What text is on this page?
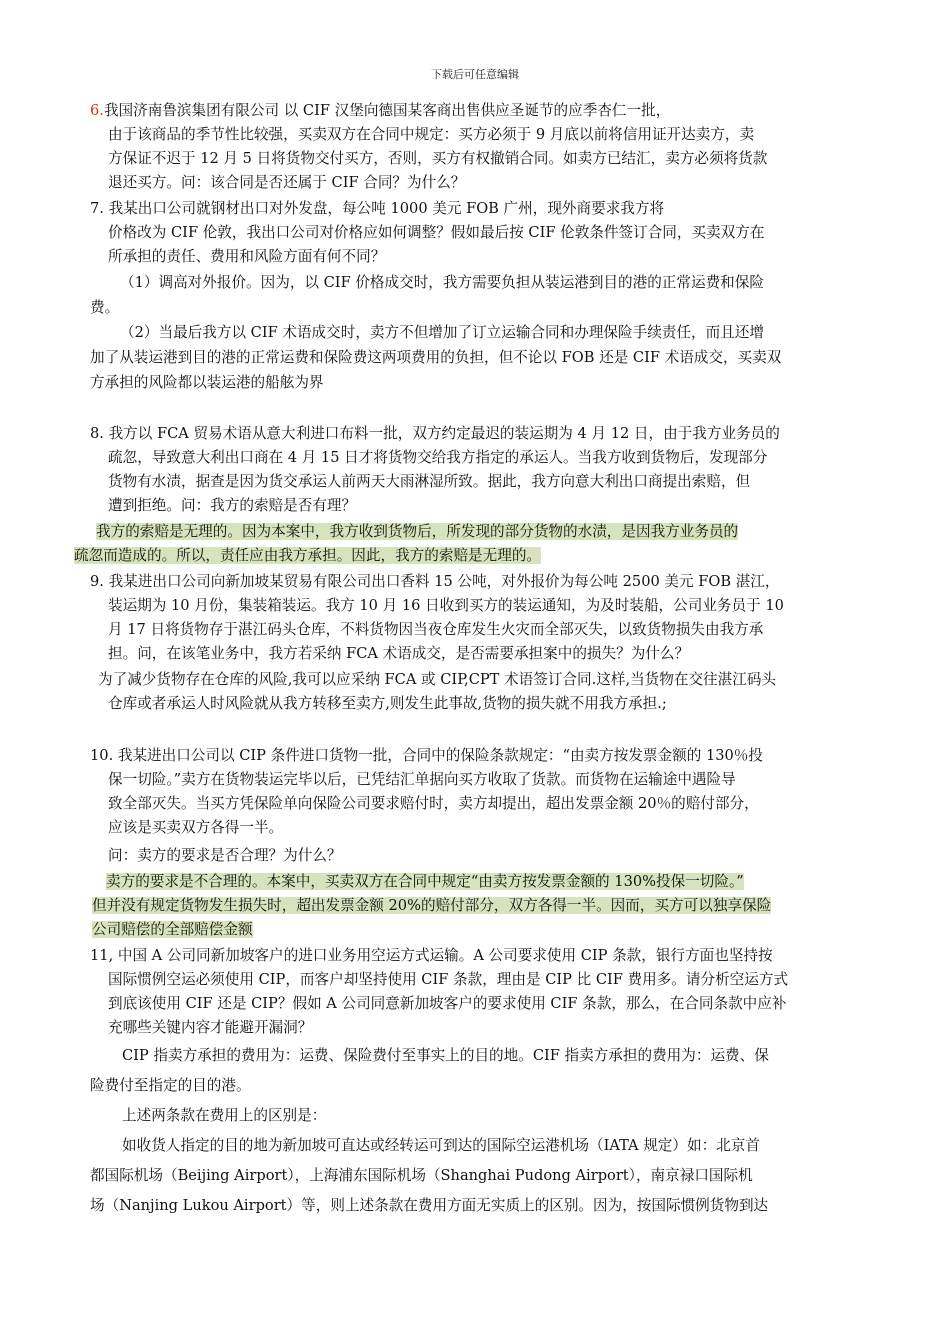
下载后可任意编辑
6.我国济南鲁滨集团有限公司 以 CIF 汉堡向德国某客商出售供应圣诞节的应季杏仁一批，
由于该商品的季节性比较强，买卖双方在合同中规定：买方必须于 9 月底以前将信用证开达卖方，卖
方保证不迟于 12 月 5 日将货物交付买方，否则，买方有权撤销合同。如卖方已结汇，卖方必须将货款
退还买方。问：该合同是否还属于 CIF 合同？为什么？
7. 我某出口公司就钢材出口对外发盘，每公吨 1000 美元 FOB 广州，现外商要求我方将
价格改为 CIF 伦敦，我出口公司对价格应如何调整？假如最后按 CIF 伦敦条件签订合同，买卖双方在
所承担的责任、费用和风险方面有何不同？
（1）调高对外报价。因为，以 CIF 价格成交时，我方需要负担从装运港到目的港的正常运费和保险
费。
（2）当最后我方以 CIF 术语成交时，卖方不但增加了订立运输合同和办理保险手续责任，而且还增
加了从装运港到目的港的正常运费和保险费这两项费用的负担，但不论以 FOB 还是 CIF 术语成交，买卖双
方承担的风险都以装运港的船舷为界
8. 我方以 FCA 贸易术语从意大利进口布料一批，双方约定最迟的装运期为 4 月 12 日，由于我方业务员的
疏忽，导致意大利出口商在 4 月 15 日才将货物交给我方指定的承运人。当我方收到货物后，发现部分
货物有水渍，据查是因为货交承运人前两天大雨淋湿所致。据此，我方向意大利出口商提出索赔，但
遭到拒绝。问：我方的索赔是否有理？
我方的索赔是无理的。因为本案中，我方收到货物后，所发现的部分货物的水渍，是因我方业务员的
疏忽而造成的。所以，责任应由我方承担。因此，我方的索赔是无理的。
9. 我某进出口公司向新加坡某贸易有限公司出口香料 15 公吨，对外报价为每公吨 2500 美元 FOB 湛江，
装运期为 10 月份，集装箱装运。我方 10 月 16 日收到买方的装运通知，为及时装船，公司业务员于 10
月 17 日将货物存于湛江码头仓库，不料货物因当夜仓库发生火灾而全部灭失，以致货物损失由我方承
担。问，在该笔业务中，我方若采纳 FCA 术语成交，是否需要承担案中的损失？为什么？
为了减少货物存在仓库的风险,我可以应采纳 FCA 或 CIP,CPT 术语签订合同.这样,当货物在交往湛江码头
仓库或者承运人时风险就从我方转移至卖方,则发生此事故,货物的损失就不用我方承担.;
10. 我某进出口公司以 CIP 条件进口货物一批，合同中的保险条款规定：“由卖方按发票金额的 130％投
保一切险。”卖方在货物装运完毕以后，已凭结汇单据向买方收取了货款。而货物在运输途中遇险导
致全部灭失。当买方凭保险单向保险公司要求赔付时，卖方却提出，超出发票金额 20％的赔付部分，
应该是买卖双方各得一半。
问：卖方的要求是否合理？为什么？
卖方的要求是不合理的。本案中，买卖双方在合同中规定“由卖方按发票金额的 130%投保一切险。”
但并没有规定货物发生损失时，超出发票金额 20%的赔付部分，双方各得一半。因而，买方可以独享保险
公司赔偿的全部赔偿金额
11, 中国 A 公司同新加坡客户的进口业务用空运方式运输。A 公司要求使用 CIP 条款，银行方面也坚持按
国际惯例空运必须使用 CIP，而客户却坚持使用 CIF 条款，理由是 CIP 比 CIF 费用多。请分析空运方式
到底该使用 CIF 还是 CIP？假如 A 公司同意新加坡客户的要求使用 CIF 条款，那么，在合同条款中应补
充哪些关键内容才能避开漏洞？
CIP 指卖方承担的费用为：运费、保险费付至事实上的目的地。CIF 指卖方承担的费用为：运费、保
险费付至指定的目的港。
上述两条款在费用上的区别是：
如收货人指定的目的地为新加坡可直达或经转运可到达的国际空运港机场（IATA 规定）如：北京首
都国际机场（Beijing Airport），上海浦东国际机场（Shanghai Pudong Airport），南京禄口国际机
场（Nanjing Lukou Airport）等，则上述条款在费用方面无实质上的区别。因为，按国际惯例货物到达
